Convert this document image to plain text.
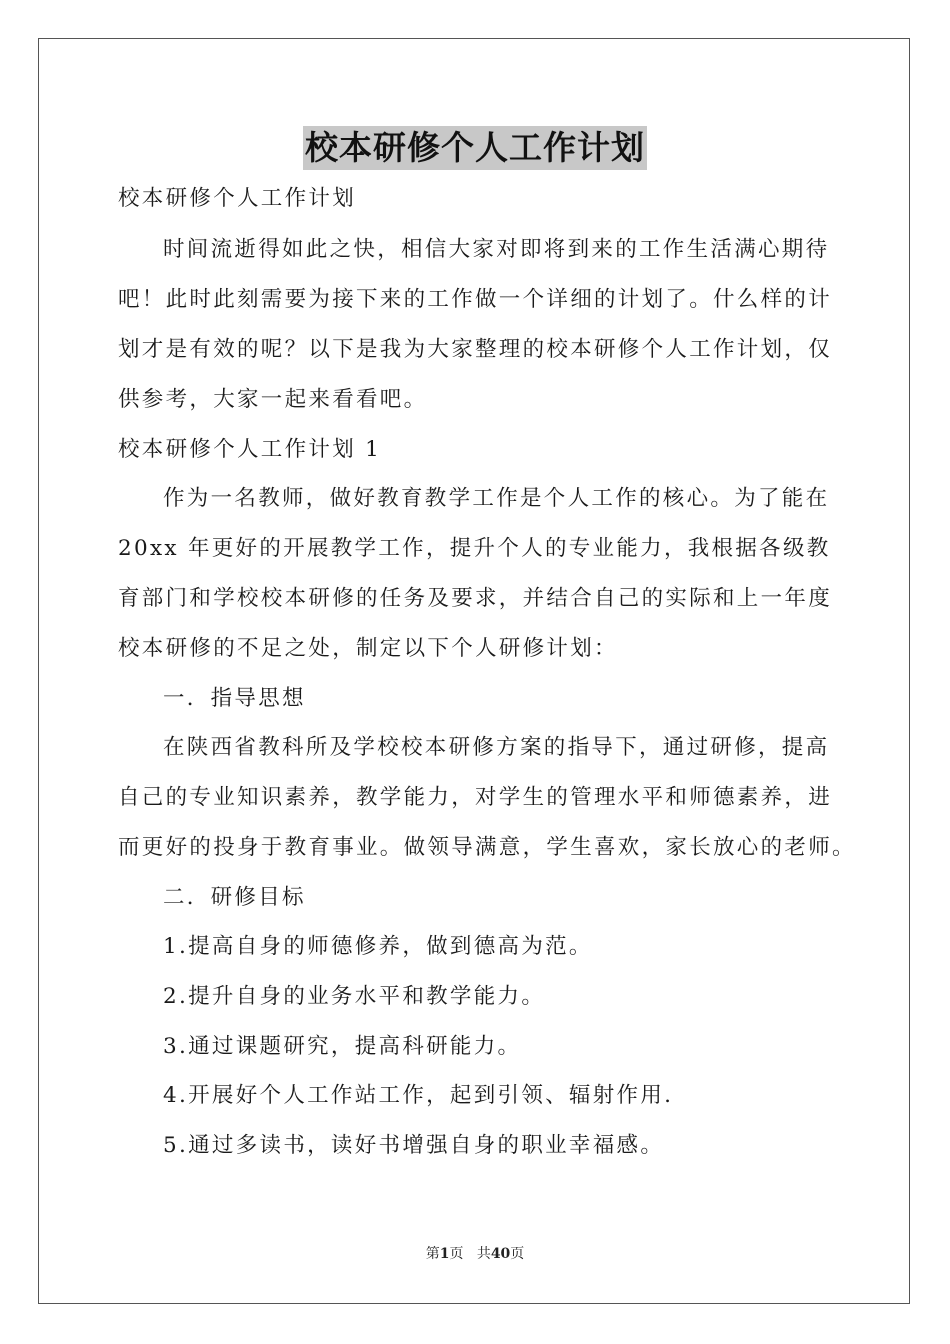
校本研修个人工作计划
校本研修个人工作计划
时间流逝得如此之快，相信大家对即将到来的工作生活满心期待
吧！此时此刻需要为接下来的工作做一个详细的计划了。什么样的计
划才是有效的呢？以下是我为大家整理的校本研修个人工作计划，仅
供参考，大家一起来看看吧。
校本研修个人工作计划 1
作为一名教师，做好教育教学工作是个人工作的核心。为了能在
20xx 年更好的开展教学工作，提升个人的专业能力，我根据各级教
育部门和学校校本研修的任务及要求，并结合自己的实际和上一年度
校本研修的不足之处，制定以下个人研修计划：
一．指导思想
在陕西省教科所及学校校本研修方案的指导下，通过研修，提高
自己的专业知识素养，教学能力，对学生的管理水平和师德素养，进
而更好的投身于教育事业。做领导满意，学生喜欢，家长放心的老师。
二．研修目标
1.提高自身的师德修养，做到德高为范。
2.提升自身的业务水平和教学能力。
3.通过课题研究，提高科研能力。
4.开展好个人工作站工作，起到引领、辐射作用.
5.通过多读书，读好书增强自身的职业幸福感。
第1页 共40页
